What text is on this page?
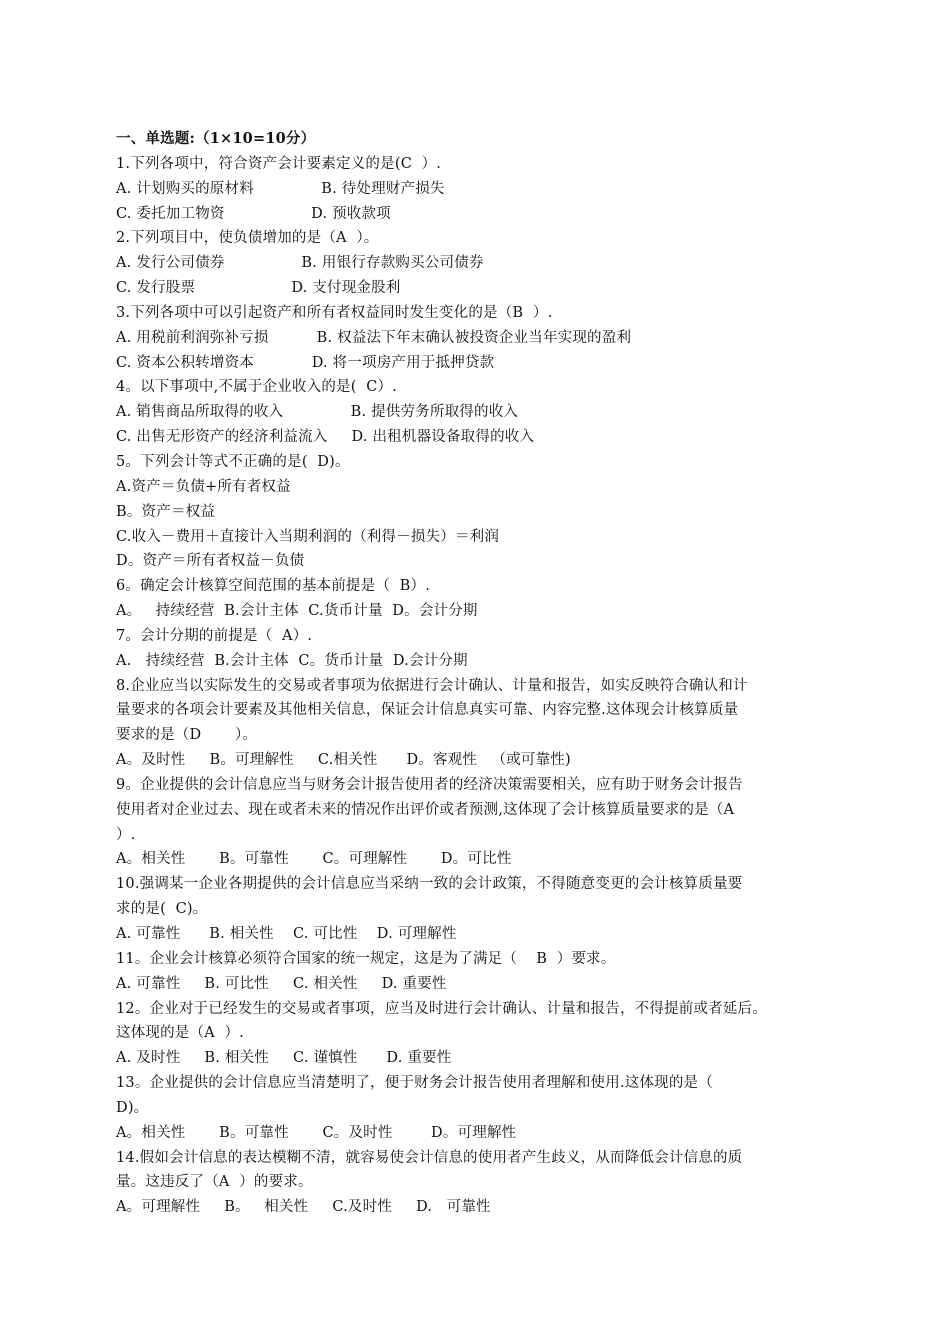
一、单选题:（1×10=10分）
1.下列各项中，符合资产会计要素定义的是(C  ）.
A. 计划购买的原材料              B. 待处理财产损失
C. 委托加工物资                  D. 预收款项
2.下列项目中，使负债增加的是（A  ）。
A. 发行公司债券                B. 用银行存款购买公司债券
C. 发行股票                    D. 支付现金股利
3.下列各项中可以引起资产和所有者权益同时发生变化的是（B  ）.
A. 用税前利润弥补亏损          B. 权益法下年末确认被投资企业当年实现的盈利
C. 资本公积转增资本            D. 将一项房产用于抵押贷款
4。以下事项中,不属于企业收入的是(  C）.
A. 销售商品所取得的收入              B. 提供劳务所取得的收入
C. 出售无形资产的经济利益流入     D. 出租机器设备取得的收入
5。下列会计等式不正确的是(  D)。
A.资产＝负债+所有者权益
B。资产＝权益
C.收入－费用＋直接计入当期利润的（利得－损失）＝利润
D。资产＝所有者权益－负债
6。确定会计核算空间范围的基本前提是（  B）.
A。   持续经营  B.会计主体  C.货币计量  D。会计分期
7。会计分期的前提是（  A）.
A.   持续经营  B.会计主体  C。货币计量  D.会计分期
8.企业应当以实际发生的交易或者事项为依据进行会计确认、计量和报告，如实反映符合确认和计
量要求的各项会计要素及其他相关信息，保证会计信息真实可靠、内容完整.这体现会计核算质量
要求的是（D       ）。
A。及时性     B。可理解性     C.相关性      D。客观性   （或可靠性)
9。企业提供的会计信息应当与财务会计报告使用者的经济决策需要相关，应有助于财务会计报告
使用者对企业过去、现在或者未来的情况作出评价或者预测,这体现了会计核算质量要求的是（A
）.
A。相关性       B。可靠性       C。可理解性       D。可比性
10.强调某一企业各期提供的会计信息应当采纳一致的会计政策，不得随意变更的会计核算质量要
求的是(  C)。
A. 可靠性      B. 相关性    C. 可比性    D. 可理解性
11。企业会计核算必须符合国家的统一规定，这是为了满足（    B  ）要求。
A. 可靠性     B. 可比性     C. 相关性     D. 重要性
12。企业对于已经发生的交易或者事项，应当及时进行会计确认、计量和报告，不得提前或者延后。
这体现的是（A  ）.
A. 及时性     B. 相关性     C. 谨慎性      D. 重要性
13。企业提供的会计信息应当清楚明了，便于财务会计报告使用者理解和使用.这体现的是（
D)。
A。相关性       B。可靠性       C。及时性        D。可理解性
14.假如会计信息的表达模糊不清，就容易使会计信息的使用者产生歧义，从而降低会计信息的质
量。这违反了（A  ）的要求。
A。可理解性     B。   相关性     C.及时性     D.   可靠性
